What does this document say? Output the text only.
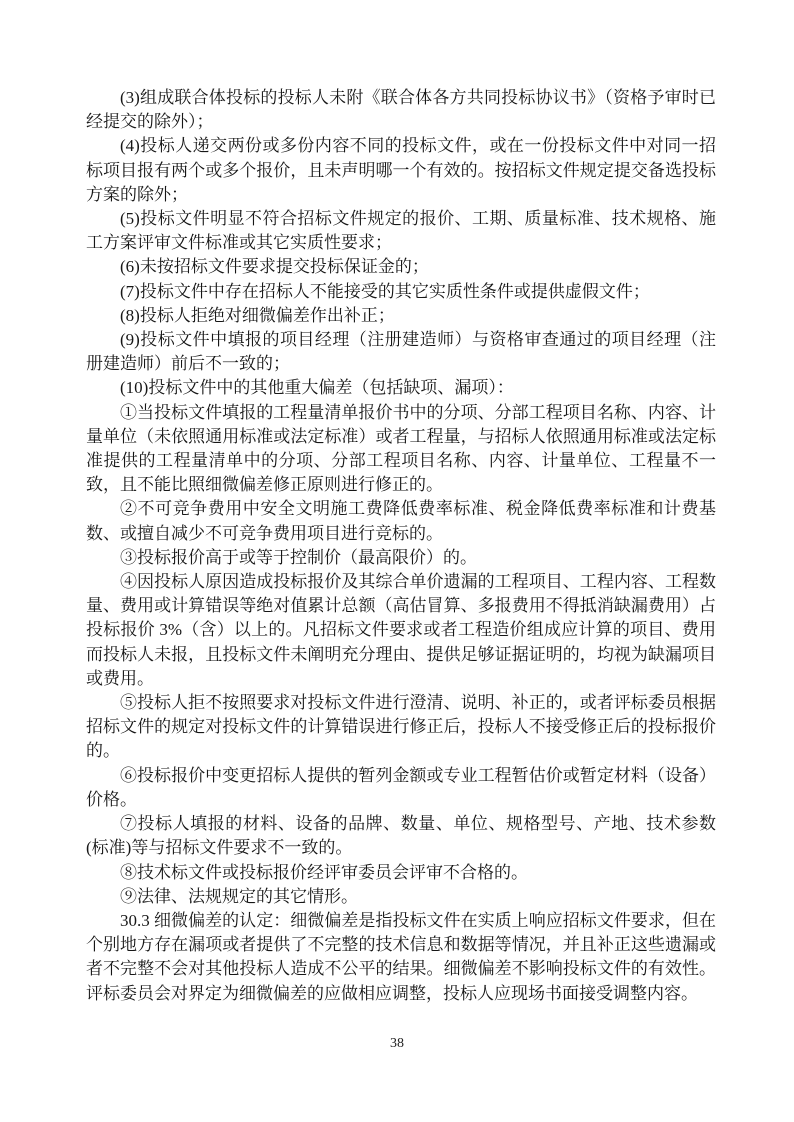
(3)组成联合体投标的投标人未附《联合体各方共同投标协议书》（资格予审时已经提交的除外）；

(4)投标人递交两份或多份内容不同的投标文件，或在一份投标文件中对同一招标项目报有两个或多个报价，且未声明哪一个有效的。按招标文件规定提交备选投标方案的除外；

(5)投标文件明显不符合招标文件规定的报价、工期、质量标准、技术规格、施工方案评审文件标准或其它实质性要求；

(6)未按招标文件要求提交投标保证金的；

(7)投标文件中存在招标人不能接受的其它实质性条件或提供虚假文件；

(8)投标人拒绝对细微偏差作出补正；

(9)投标文件中填报的项目经理（注册建造师）与资格审查通过的项目经理（注册建造师）前后不一致的；

(10)投标文件中的其他重大偏差（包括缺项、漏项）：

①当投标文件填报的工程量清单报价书中的分项、分部工程项目名称、内容、计量单位（未依照通用标准或法定标准）或者工程量，与招标人依照通用标准或法定标准提供的工程量清单中的分项、分部工程项目名称、内容、计量单位、工程量不一致，且不能比照细微偏差修正原则进行修正的。

②不可竞争费用中安全文明施工费降低费率标准、税金降低费率标准和计费基数、或擅自减少不可竞争费用项目进行竞标的。

③投标报价高于或等于控制价（最高限价）的。

④因投标人原因造成投标报价及其综合单价遗漏的工程项目、工程内容、工程数量、费用或计算错误等绝对值累计总额（高估冒算、多报费用不得抵消缺漏费用）占投标报价 3%（含）以上的。凡招标文件要求或者工程造价组成应计算的项目、费用而投标人未报，且投标文件未阐明充分理由、提供足够证据证明的，均视为缺漏项目或费用。

⑤投标人拒不按照要求对投标文件进行澄清、说明、补正的，或者评标委员根据招标文件的规定对投标文件的计算错误进行修正后，投标人不接受修正后的投标报价的。

⑥投标报价中变更招标人提供的暂列金额或专业工程暂估价或暂定材料（设备）价格。

⑦投标人填报的材料、设备的品牌、数量、单位、规格型号、产地、技术参数(标准)等与招标文件要求不一致的。

⑧技术标文件或投标报价经评审委员会评审不合格的。

⑨法律、法规规定的其它情形。

30.3 细微偏差的认定：细微偏差是指投标文件在实质上响应招标文件要求，但在个别地方存在漏项或者提供了不完整的技术信息和数据等情况，并且补正这些遗漏或者不完整不会对其他投标人造成不公平的结果。细微偏差不影响投标文件的有效性。评标委员会对界定为细微偏差的应做相应调整，投标人应现场书面接受调整内容。

38
